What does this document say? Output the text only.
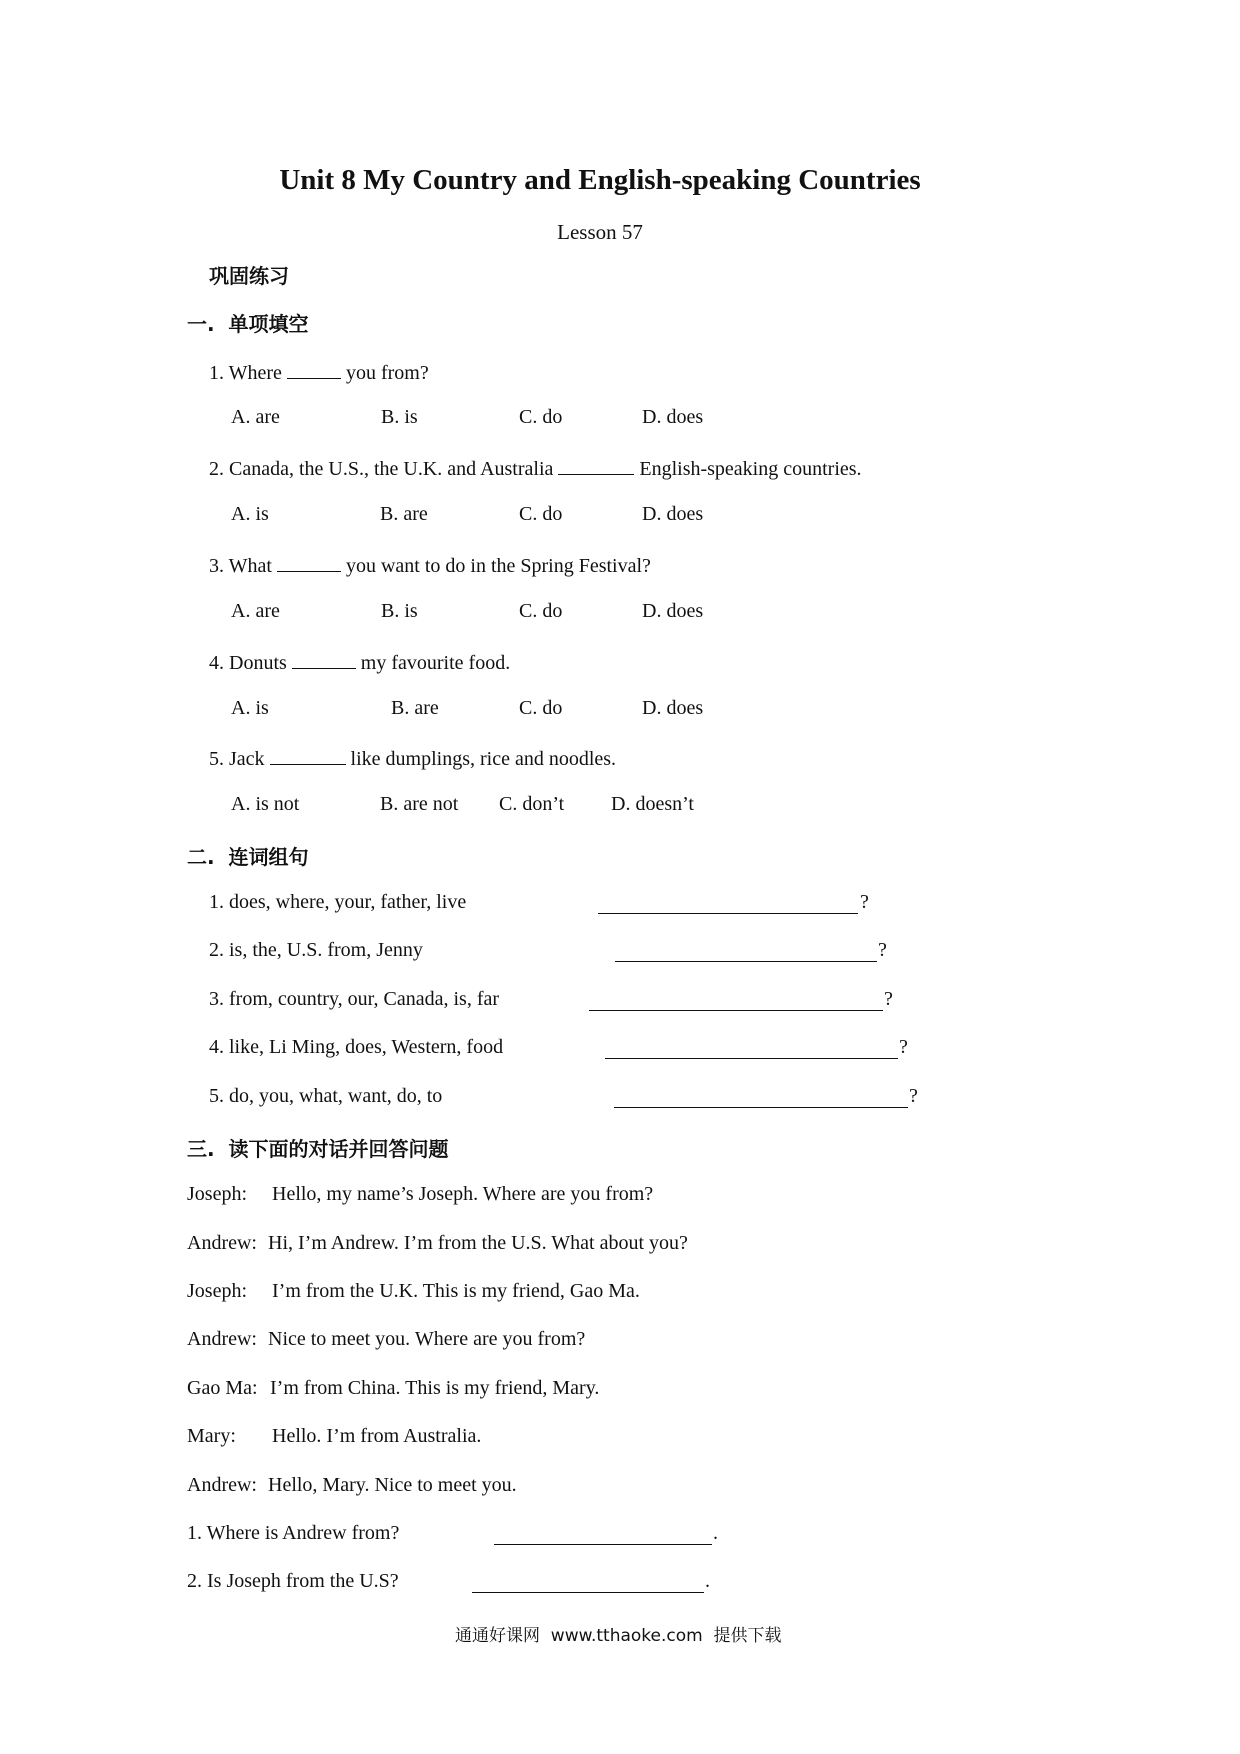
Unit 8 My Country and English-speaking Countries
Lesson 57
巩固练习
一.  单项填空
1. Where	you from?
A. are	B. is	C. do	D. does
2. Canada, the U.S., the U.K. and Australia	English-speaking countries.
A. is	B. are	C. do	D. does
3. What	you want to do in the Spring Festival?
A. are	B. is	C. do	D. does
4. Donuts	my favourite food.
A. is	B. are	C. do	D. does
5. Jack	like dumplings, rice and noodles.
A. is not	B. are not C. don’t D. doesn’t
二.  连词组句
1. does, where, your, father, live	?
2. is, the, U.S. from, Jenny	?
3. from, country, our, Canada, is, far	?
4. like, Li Ming, does, Western, food	?
5. do, you, what, want, do, to	?
三.  读下面的对话并回答问题
Joseph: Hello, my name’s Joseph. Where are you from?
Andrew: Hi, I’m Andrew. I’m from the U.S. What about you?
Joseph: I’m from the U.K. This is my friend, Gao Ma.
Andrew: Nice to meet you. Where are you from?
Gao Ma: I’m from China. This is my friend, Mary.
Mary: Hello. I’m from Australia.
Andrew: Hello, Mary. Nice to meet you.
1. Where is Andrew from?	.
2. Is Joseph from the U.S?	.
通通好课网  www.tthaoke.com  提供下载
